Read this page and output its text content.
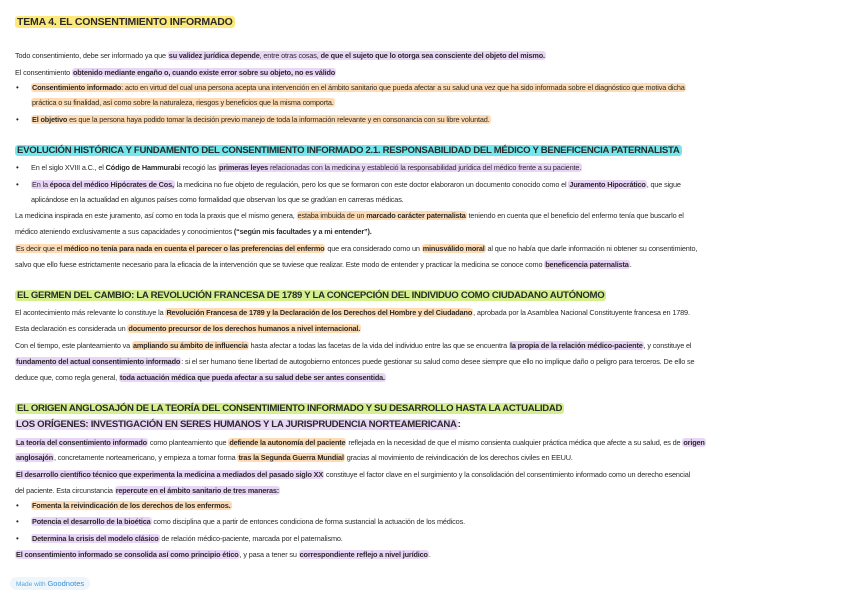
TEMA 4. EL CONSENTIMIENTO INFORMADO
Todo consentimiento, debe ser informado ya que su validez jurídica depende, entre otras cosas, de que el sujeto que lo otorga sea consciente del objeto del mismo.
El consentimiento obtenido mediante engaño o, cuando existe error sobre su objeto, no es válido
• Consentimiento informado: acto en virtud del cual una persona acepta una intervención en el ámbito sanitario que pueda afectar a su salud una vez que ha sido informada sobre el diagnóstico que motiva dicha
práctica o su finalidad, así como sobre la naturaleza, riesgos y beneficios que la misma comporta.
• El objetivo es que la persona haya podido tomar la decisión previo manejo de toda la información relevante y en consonancia con su libre voluntad.
EVOLUCIÓN HISTÓRICA Y FUNDAMENTO DEL CONSENTIMIENTO INFORMADO 2.1. RESPONSABILIDAD DEL MÉDICO Y BENEFICENCIA PATERNALISTA
• En el siglo XVIII a.C., el Código de Hammurabi recogió las primeras leyes relacionadas con la medicina y estableció la responsabilidad jurídica del médico frente a su paciente.
• En la época del médico Hipócrates de Cos, la medicina no fue objeto de regulación, pero los que se formaron con este doctor elaboraron un documento conocido como el Juramento Hipocrático, que sigue
aplicándose en la actualidad en algunos países como formalidad que observan los que se gradúan en carreras médicas.
La medicina inspirada en este juramento, así como en toda la praxis que el mismo genera, estaba imbuida de un marcado carácter paternalista teniendo en cuenta que el beneficio del enfermo tenía que buscarlo el
médico ateniendo exclusivamente a sus capacidades y conocimientos (“según mis facultades y a mi entender”).
Es decir que el médico no tenía para nada en cuenta el parecer o las preferencias del enfermo que era considerado como un minusválido moral al que no había que darle información ni obtener su consentimiento,
salvo que ello fuese estrictamente necesario para la eficacia de la intervención que se tuviese que realizar. Este modo de entender y practicar la medicina se conoce como beneficencia paternalista.
EL GERMEN DEL CAMBIO: LA REVOLUCIÓN FRANCESA DE 1789 Y LA CONCEPCIÓN DEL INDIVIDUO COMO CIUDADANO AUTÓNOMO
El acontecimiento más relevante lo constituye la Revolución Francesa de 1789 y la Declaración de los Derechos del Hombre y del Ciudadano, aprobada por la Asamblea Nacional Constituyente francesa en 1789.
Esta declaración es considerada un documento precursor de los derechos humanos a nivel internacional.
Con el tiempo, este planteamiento va ampliando su ámbito de influencia hasta afectar a todas las facetas de la vida del individuo entre las que se encuentra la propia de la relación médico-paciente, y constituye el
fundamento del actual consentimiento informado: si el ser humano tiene libertad de autogobierno entonces puede gestionar su salud como desee siempre que ello no implique daño o peligro para terceros. De ello se
deduce que, como regla general, toda actuación médica que pueda afectar a su salud debe ser antes consentida.
EL ORIGEN ANGLOSAJÓN DE LA TEORÍA DEL CONSENTIMIENTO INFORMADO Y SU DESARROLLO HASTA LA ACTUALIDAD
LOS ORÍGENES: INVESTIGACIÓN EN SERES HUMANOS Y LA JURISPRUDENCIA NORTEAMERICANA:
La teoría del consentimiento informado como planteamiento que defiende la autonomía del paciente reflejada en la necesidad de que el mismo consienta cualquier práctica médica que afecte a su salud, es de origen
anglosajón, concretamente norteamericano, y empieza a tomar forma tras la Segunda Guerra Mundial gracias al movimiento de reivindicación de los derechos civiles en EEUU.
El desarrollo científico técnico que experimenta la medicina a mediados del pasado siglo XX constituye el factor clave en el surgimiento y la consolidación del consentimiento informado como un derecho esencial
del paciente. Esta circunstancia repercute en el ámbito sanitario de tres maneras:
• Fomenta la reivindicación de los derechos de los enfermos.
• Potencia el desarrollo de la bioética como disciplina que a partir de entonces condiciona de forma sustancial la actuación de los médicos.
• Determina la crisis del modelo clásico de relación médico-paciente, marcada por el paternalismo.
El consentimiento informado se consolida así como principio ético, y pasa a tener su correspondiente reflejo a nivel jurídico.
Made with Goodnotes
